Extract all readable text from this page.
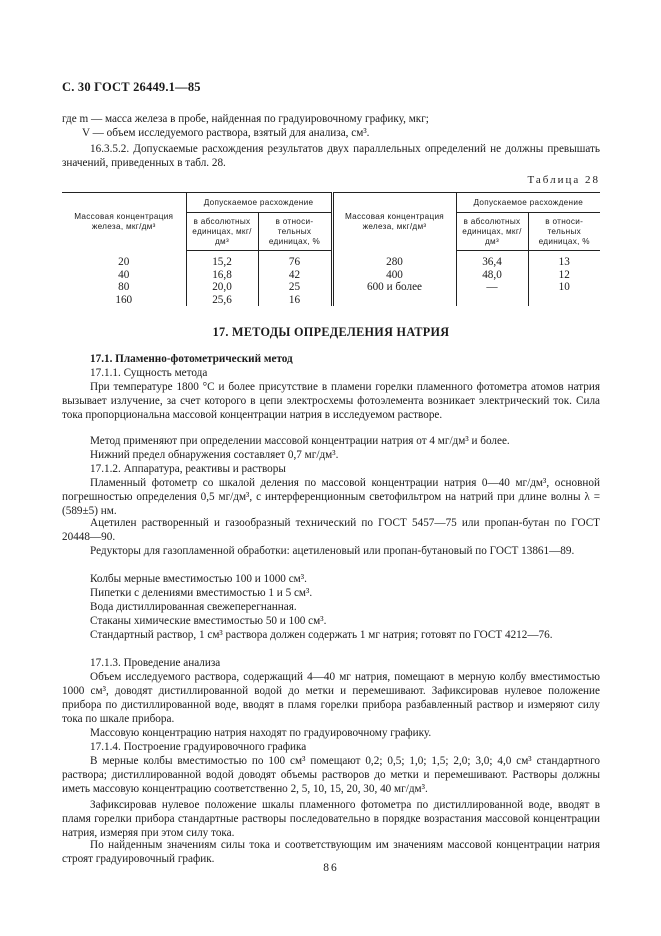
С. 30 ГОСТ 26449.1—85
где m — масса железа в пробе, найденная по градуировочному графику, мкг;
V — объем исследуемого раствора, взятый для анализа, см³.
16.3.5.2. Допускаемые расхождения результатов двух параллельных определений не должны превышать значений, приведенных в табл. 28.
Таблица 28
Массовая концентрация железа, мкг/дм³	Допускаемое расхождение		Массовая концентрация железа, мкг/дм³	Допускаемое расхождение	
	в абсолютных единицах, мкг/дм³	в относи-тельных единицах, %		в абсолютных единицах, мкг/дм³	в относи-тельных единицах, %
20	15,2	76	280	36,4	13
40	16,8	42	400	48,0	12
80	20,0	25	600 и более	—	10
160	25,6	16			
17. МЕТОДЫ ОПРЕДЕЛЕНИЯ НАТРИЯ
17.1. Пламенно-фотометрический метод
17.1.1. Сущность метода
При температуре 1800 °С и более присутствие в пламени горелки пламенного фотометра атомов натрия вызывает излучение, за счет которого в цепи электросхемы фотоэлемента возникает электрический ток. Сила тока пропорциональна массовой концентрации натрия в исследуемом растворе.
Метод применяют при определении массовой концентрации натрия от 4 мг/дм³ и более.
Нижний предел обнаружения составляет 0,7 мг/дм³.
17.1.2. Аппаратура, реактивы и растворы
Пламенный фотометр со шкалой деления по массовой концентрации натрия 0—40 мг/дм³, основной погрешностью определения 0,5 мг/дм³, с интерференционным светофильтром на натрий при длине волны λ = (589±5) нм.
Ацетилен растворенный и газообразный технический по ГОСТ 5457—75 или пропан-бутан по ГОСТ 20448—90.
Редукторы для газопламенной обработки: ацетиленовый или пропан-бутановый по ГОСТ 13861—89.
Колбы мерные вместимостью 100 и 1000 см³.
Пипетки с делениями вместимостью 1 и 5 см³.
Вода дистиллированная свежеперегнанная.
Стаканы химические вместимостью 50 и 100 см³.
Стандартный раствор, 1 см³ раствора должен содержать 1 мг натрия; готовят по ГОСТ 4212—76.
17.1.3. Проведение анализа
Объем исследуемого раствора, содержащий 4—40 мг натрия, помещают в мерную колбу вместимостью 1000 см³, доводят дистиллированной водой до метки и перемешивают. Зафиксировав нулевое положение прибора по дистиллированной воде, вводят в пламя горелки прибора разбавленный раствор и измеряют силу тока по шкале прибора.
Массовую концентрацию натрия находят по градуировочному графику.
17.1.4. Построение градуировочного графика
В мерные колбы вместимостью по 100 см³ помещают 0,2; 0,5; 1,0; 1,5; 2,0; 3,0; 4,0 см³ стандартного раствора; дистиллированной водой доводят объемы растворов до метки и перемешивают. Растворы должны иметь массовую концентрацию соответственно 2, 5, 10, 15, 20, 30, 40 мг/дм³.
Зафиксировав нулевое положение шкалы пламенного фотометра по дистиллированной воде, вводят в пламя горелки прибора стандартные растворы последовательно в порядке возрастания массовой концентрации натрия, измеряя при этом силу тока.
По найденным значениям силы тока и соответствующим им значениям массовой концентрации натрия строят градуировочный график.
86
